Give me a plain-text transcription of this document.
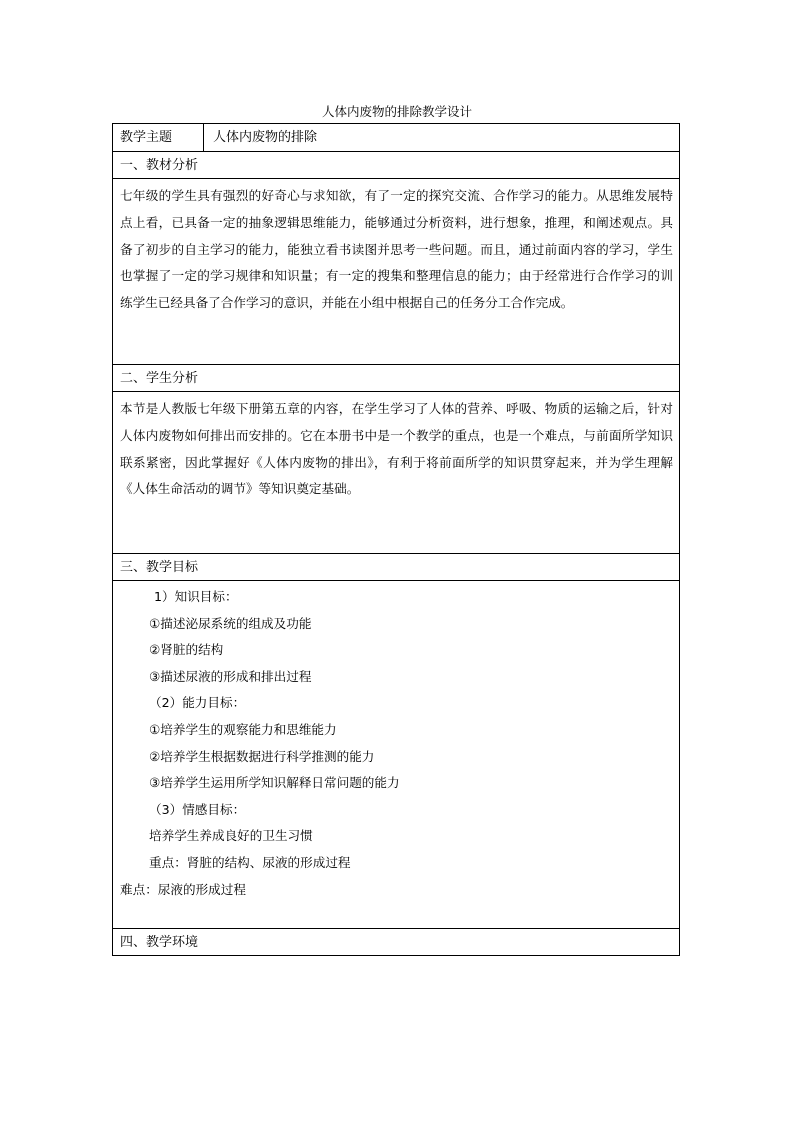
人体内废物的排除教学设计
教学主题	人体内废物的排除
一、教材分析
七年级的学生具有强烈的好奇心与求知欲，有了一定的探究交流、合作学习的能力。从思维发展特点上看，已具备一定的抽象逻辑思维能力，能够通过分析资料，进行想象，推理，和阐述观点。具备了初步的自主学习的能力，能独立看书读图并思考一些问题。而且，通过前面内容的学习，学生也掌握了一定的学习规律和知识量；有一定的搜集和整理信息的能力；由于经常进行合作学习的训练学生已经具备了合作学习的意识，并能在小组中根据自己的任务分工合作完成。
二、学生分析
本节是人教版七年级下册第五章的内容，在学生学习了人体的营养、呼吸、物质的运输之后，针对人体内废物如何排出而安排的。它在本册书中是一个教学的重点，也是一个难点，与前面所学知识联系紧密，因此掌握好《人体内废物的排出》，有利于将前面所学的知识贯穿起来，并为学生理解《人体生命活动的调节》等知识奠定基础。
三、教学目标

1）知识目标：

①描述泌尿系统的组成及功能

②肾脏的结构

③描述尿液的形成和排出过程

（2）能力目标：

①培养学生的观察能力和思维能力

②培养学生根据数据进行科学推测的能力

③培养学生运用所学知识解释日常问题的能力

（3）情感目标：

培养学生养成良好的卫生习惯

重点：肾脏的结构、尿液的形成过程

难点：尿液的形成过程

四、教学环境
